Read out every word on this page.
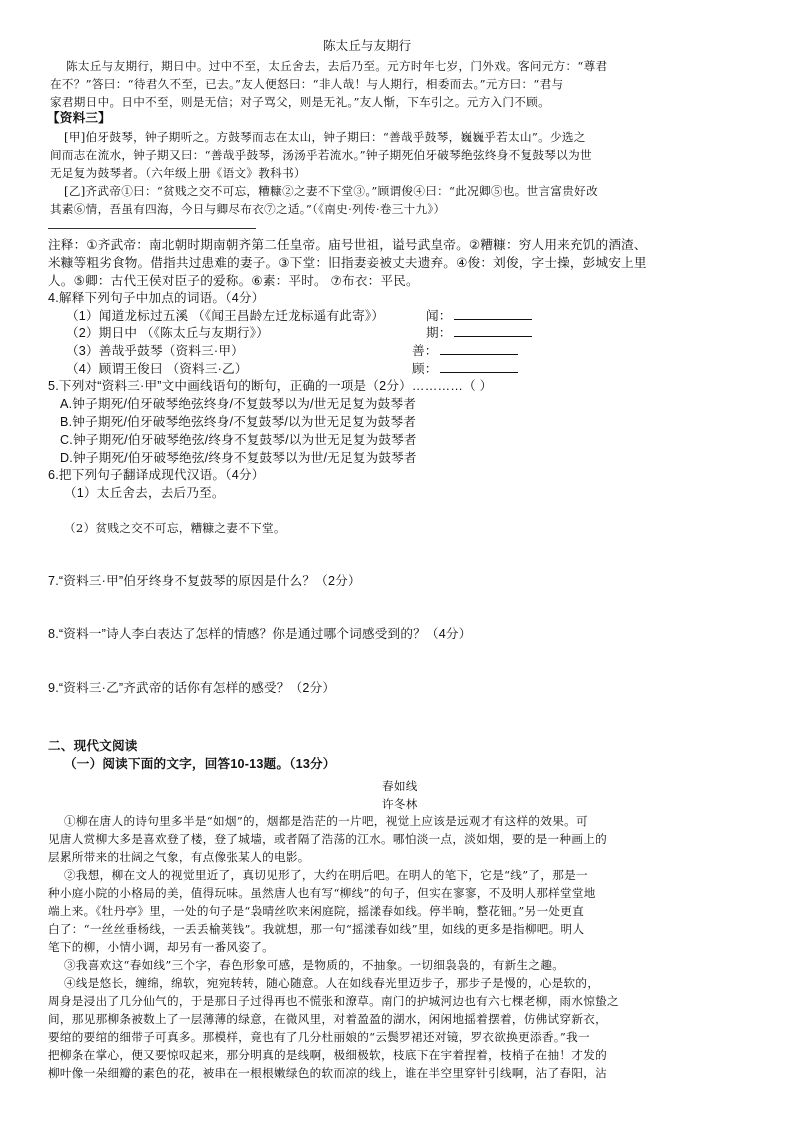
陈太丘与友期行
陈太丘与友期行，期日中。过中不至，太丘舍去，去后乃至。元方时年七岁，门外戏。客问元方：“尊君
在不？”答曰：“待君久不至，已去。”友人便怒曰：“非人哉！与人期行，相委而去。”元方曰：“君与
家君期日中。日中不至，则是无信；对子骂父，则是无礼。”友人惭，下车引之。元方入门不顾。
【资料三】
[甲]伯牙鼓琴，钟子期听之。方鼓琴而志在太山，钟子期曰：“善哉乎鼓琴，巍巍乎若太山”。少选之
间而志在流水，钟子期又曰：“善哉乎鼓琴，汤汤乎若流水。”钟子期死伯牙破琴绝弦终身不复鼓琴以为世
无足复为鼓琴者。（六年级上册《语文》教科书）
[乙]齐武帝①曰：“贫贱之交不可忘，糟糠②之妻不下堂③。”顾谓俊④曰：“此况卿⑤也。世言富贵好改
其素⑥情，吾虽有四海，今日与卿尽布衣⑦之适。”（《南史·列传·卷三十九》）
注释：①齐武帝：南北朝时期南朝齐第二任皇帝。庙号世祖，谥号武皇帝。②糟糠：穷人用来充饥的酒渣、
米糠等粗劣食物。借指共过患难的妻子。③下堂：旧指妻妾被丈夫遗弃。④俊：刘俊，字士操，彭城安上里
人。⑤卿：古代王侯对臣子的爱称。⑥素：平时。 ⑦布衣：平民。
4.解释下列句子中加点的词语。（4分）
（1）闻道龙标过五溪 （《闻王昌龄左迁龙标遥有此寄》）	闻：
（2）期日中 （《陈太丘与友期行》）	期：
（3）善哉乎鼓琴（资料三·甲）	善：
（4）顾谓王俊曰 （资料三·乙）	顾：
5.下列对“资料三·甲”文中画线语句的断句，正确的一项是（2分）…………（ ）
A.钟子期死/伯牙破琴绝弦终身/不复鼓琴以为/世无足复为鼓琴者
B.钟子期死/伯牙破琴绝弦终身/不复鼓琴/以为世无足复为鼓琴者
C.钟子期死/伯牙破琴绝弦/终身不复鼓琴/以为世无足复为鼓琴者
D.钟子期死/伯牙破琴绝弦/终身不复鼓琴以为世/无足复为鼓琴者
6.把下列句子翻译成现代汉语。（4分）
（1）太丘舍去，去后乃至。
（2）贫贱之交不可忘，糟糠之妻不下堂。
7.“资料三·甲”伯牙终身不复鼓琴的原因是什么？（2分）
8.“资料一”诗人李白表达了怎样的情感？你是通过哪个词感受到的？（4分）
9.“资料三·乙”齐武帝的话你有怎样的感受？（2分）
二、现代文阅读
（一）阅读下面的文字，回答10-13题。（13分）
春如线
许冬林
①柳在唐人的诗句里多半是“如烟”的，烟都是浩茫的一片吧，视觉上应该是远观才有这样的效果。可
见唐人赏柳大多是喜欢登了楼，登了城墙，或者隔了浩荡的江水。哪怕淡一点，淡如烟，要的是一种画上的
层累所带来的壮阔之气象，有点像张某人的电影。
②我想，柳在文人的视觉里近了，真切见形了，大约在明后吧。在明人的笔下，它是“线”了，那是一
种小庭小院的小格局的美，值得玩味。虽然唐人也有写“柳线”的句子，但实在寥寥，不及明人那样堂堂地
端上来。《牡丹亭》里，一处的句子是“袅晴丝吹来闲庭院，摇漾春如线。停半晌，整花钿。”另一处更直
白了：“一丝丝垂杨线，一丢丢榆荚钱”。我就想，那一句“摇漾春如线”里，如线的更多是指柳吧。明人
笔下的柳，小情小调，却另有一番风姿了。
③我喜欢这“春如线”三个字，春色形象可感，是物质的，不抽象。一切细袅袅的，有新生之趣。
④线是悠长，缠绵，绵软，宛宛转转，随心随意。人在如线春光里迈步子，那步子是慢的，心是软的，
周身是浸出了几分仙气的，于是那日子过得再也不慌张和潦草。南门的护城河边也有六七棵老柳，雨水惊蛰之
间，那见那柳条被数上了一层薄薄的绿意，在微风里，对着盈盈的湖水，闲闲地摇着摆着，仿佛试穿新衣，
要绾的要绾的细带子可真多。那模样，竟也有了几分杜丽娘的“云鬓罗裙还对镜，罗衣欲换更添香。”我一
把柳条在掌心，便又要惊叹起来，那分明真的是线啊，极细极软，枝底下在宇着捏着，枝梢子在抽！才发的
柳叶像一朵细瓣的素色的花，被串在一根根嫩绿色的软而凉的线上，谁在半空里穿针引线啊，沾了春阳，沾
